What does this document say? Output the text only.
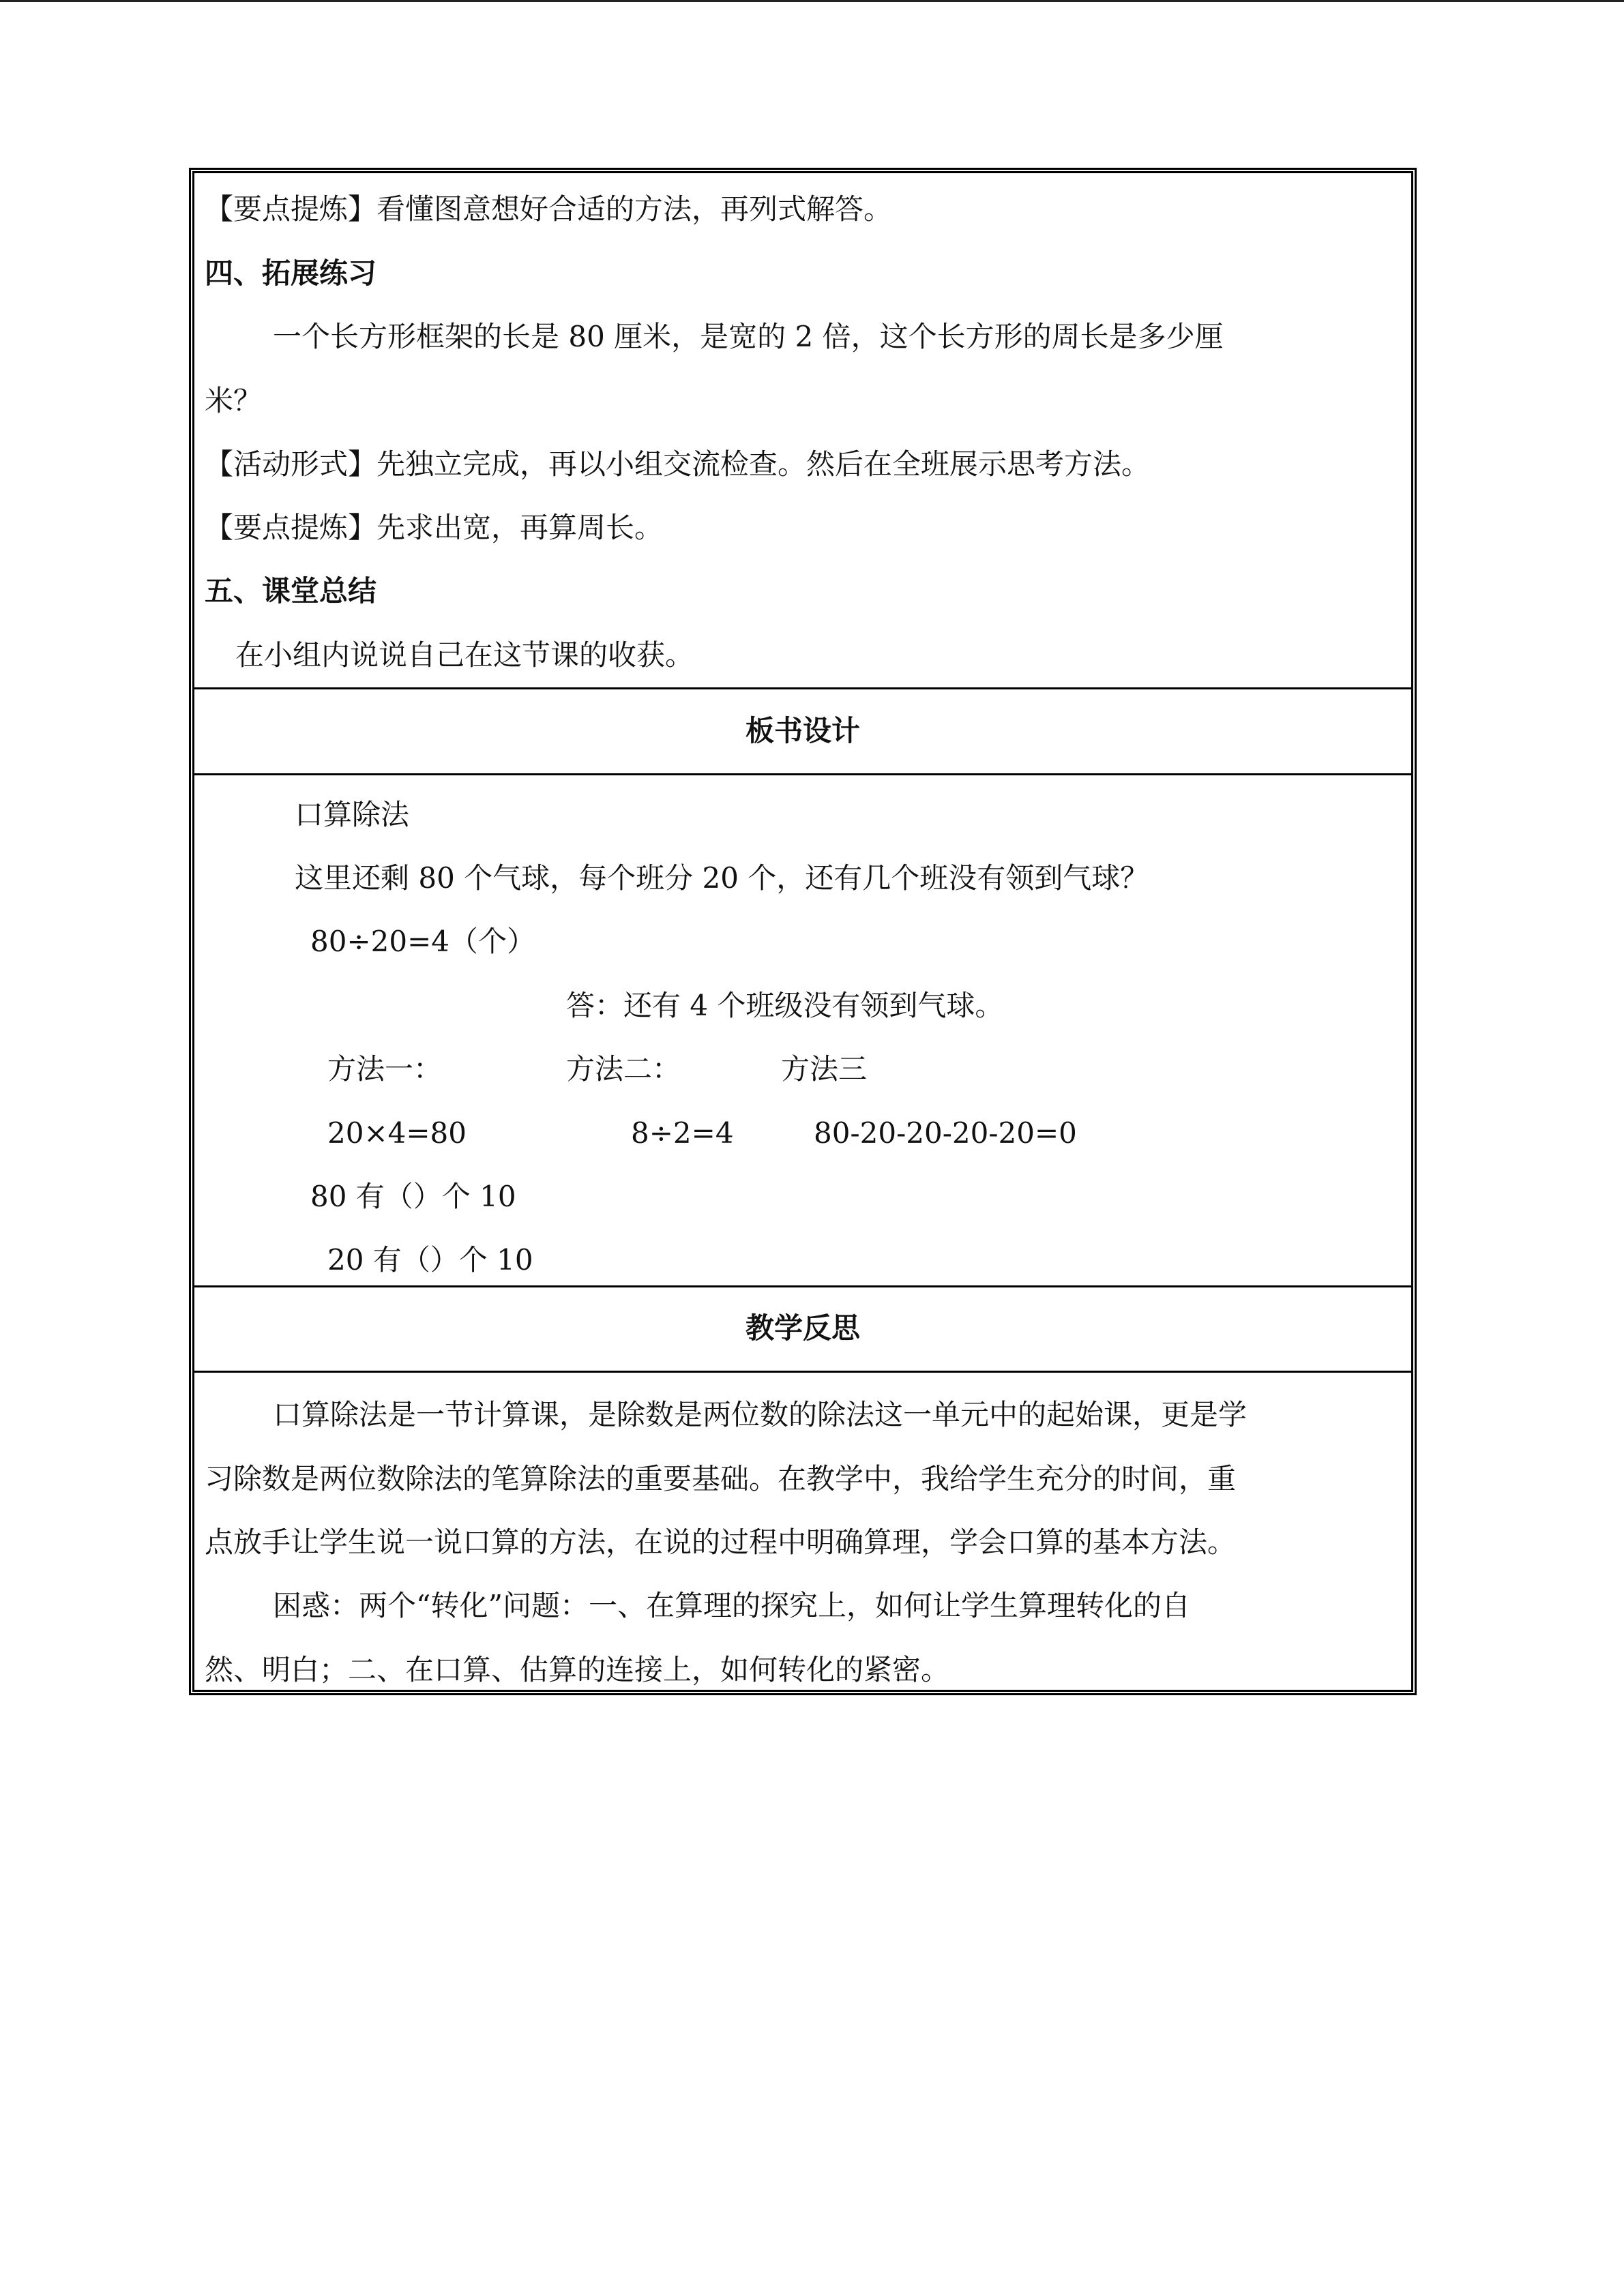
【要点提炼】看懂图意想好合适的方法，再列式解答。
四、拓展练习
一个长方形框架的长是 80 厘米，是宽的 2 倍，这个长方形的周长是多少厘
米？
【活动形式】先独立完成，再以小组交流检查。然后在全班展示思考方法。
【要点提炼】先求出宽，再算周长。
五、课堂总结
在小组内说说自己在这节课的收获。
板书设计
口算除法
这里还剩 80 个气球，每个班分 20 个，还有几个班没有领到气球？
80÷20=4（个）
答：还有 4 个班级没有领到气球。
方法一：	方法二：	方法三
20×4=80	8÷2=4	80-20-20-20-20=0
80 有（）个 10
20 有（）个 10
教学反思
口算除法是一节计算课，是除数是两位数的除法这一单元中的起始课，更是学
习除数是两位数除法的笔算除法的重要基础。在教学中，我给学生充分的时间，重
点放手让学生说一说口算的方法，在说的过程中明确算理，学会口算的基本方法。
困惑：两个“转化”问题：一、在算理的探究上，如何让学生算理转化的自
然、明白；二、在口算、估算的连接上，如何转化的紧密。
